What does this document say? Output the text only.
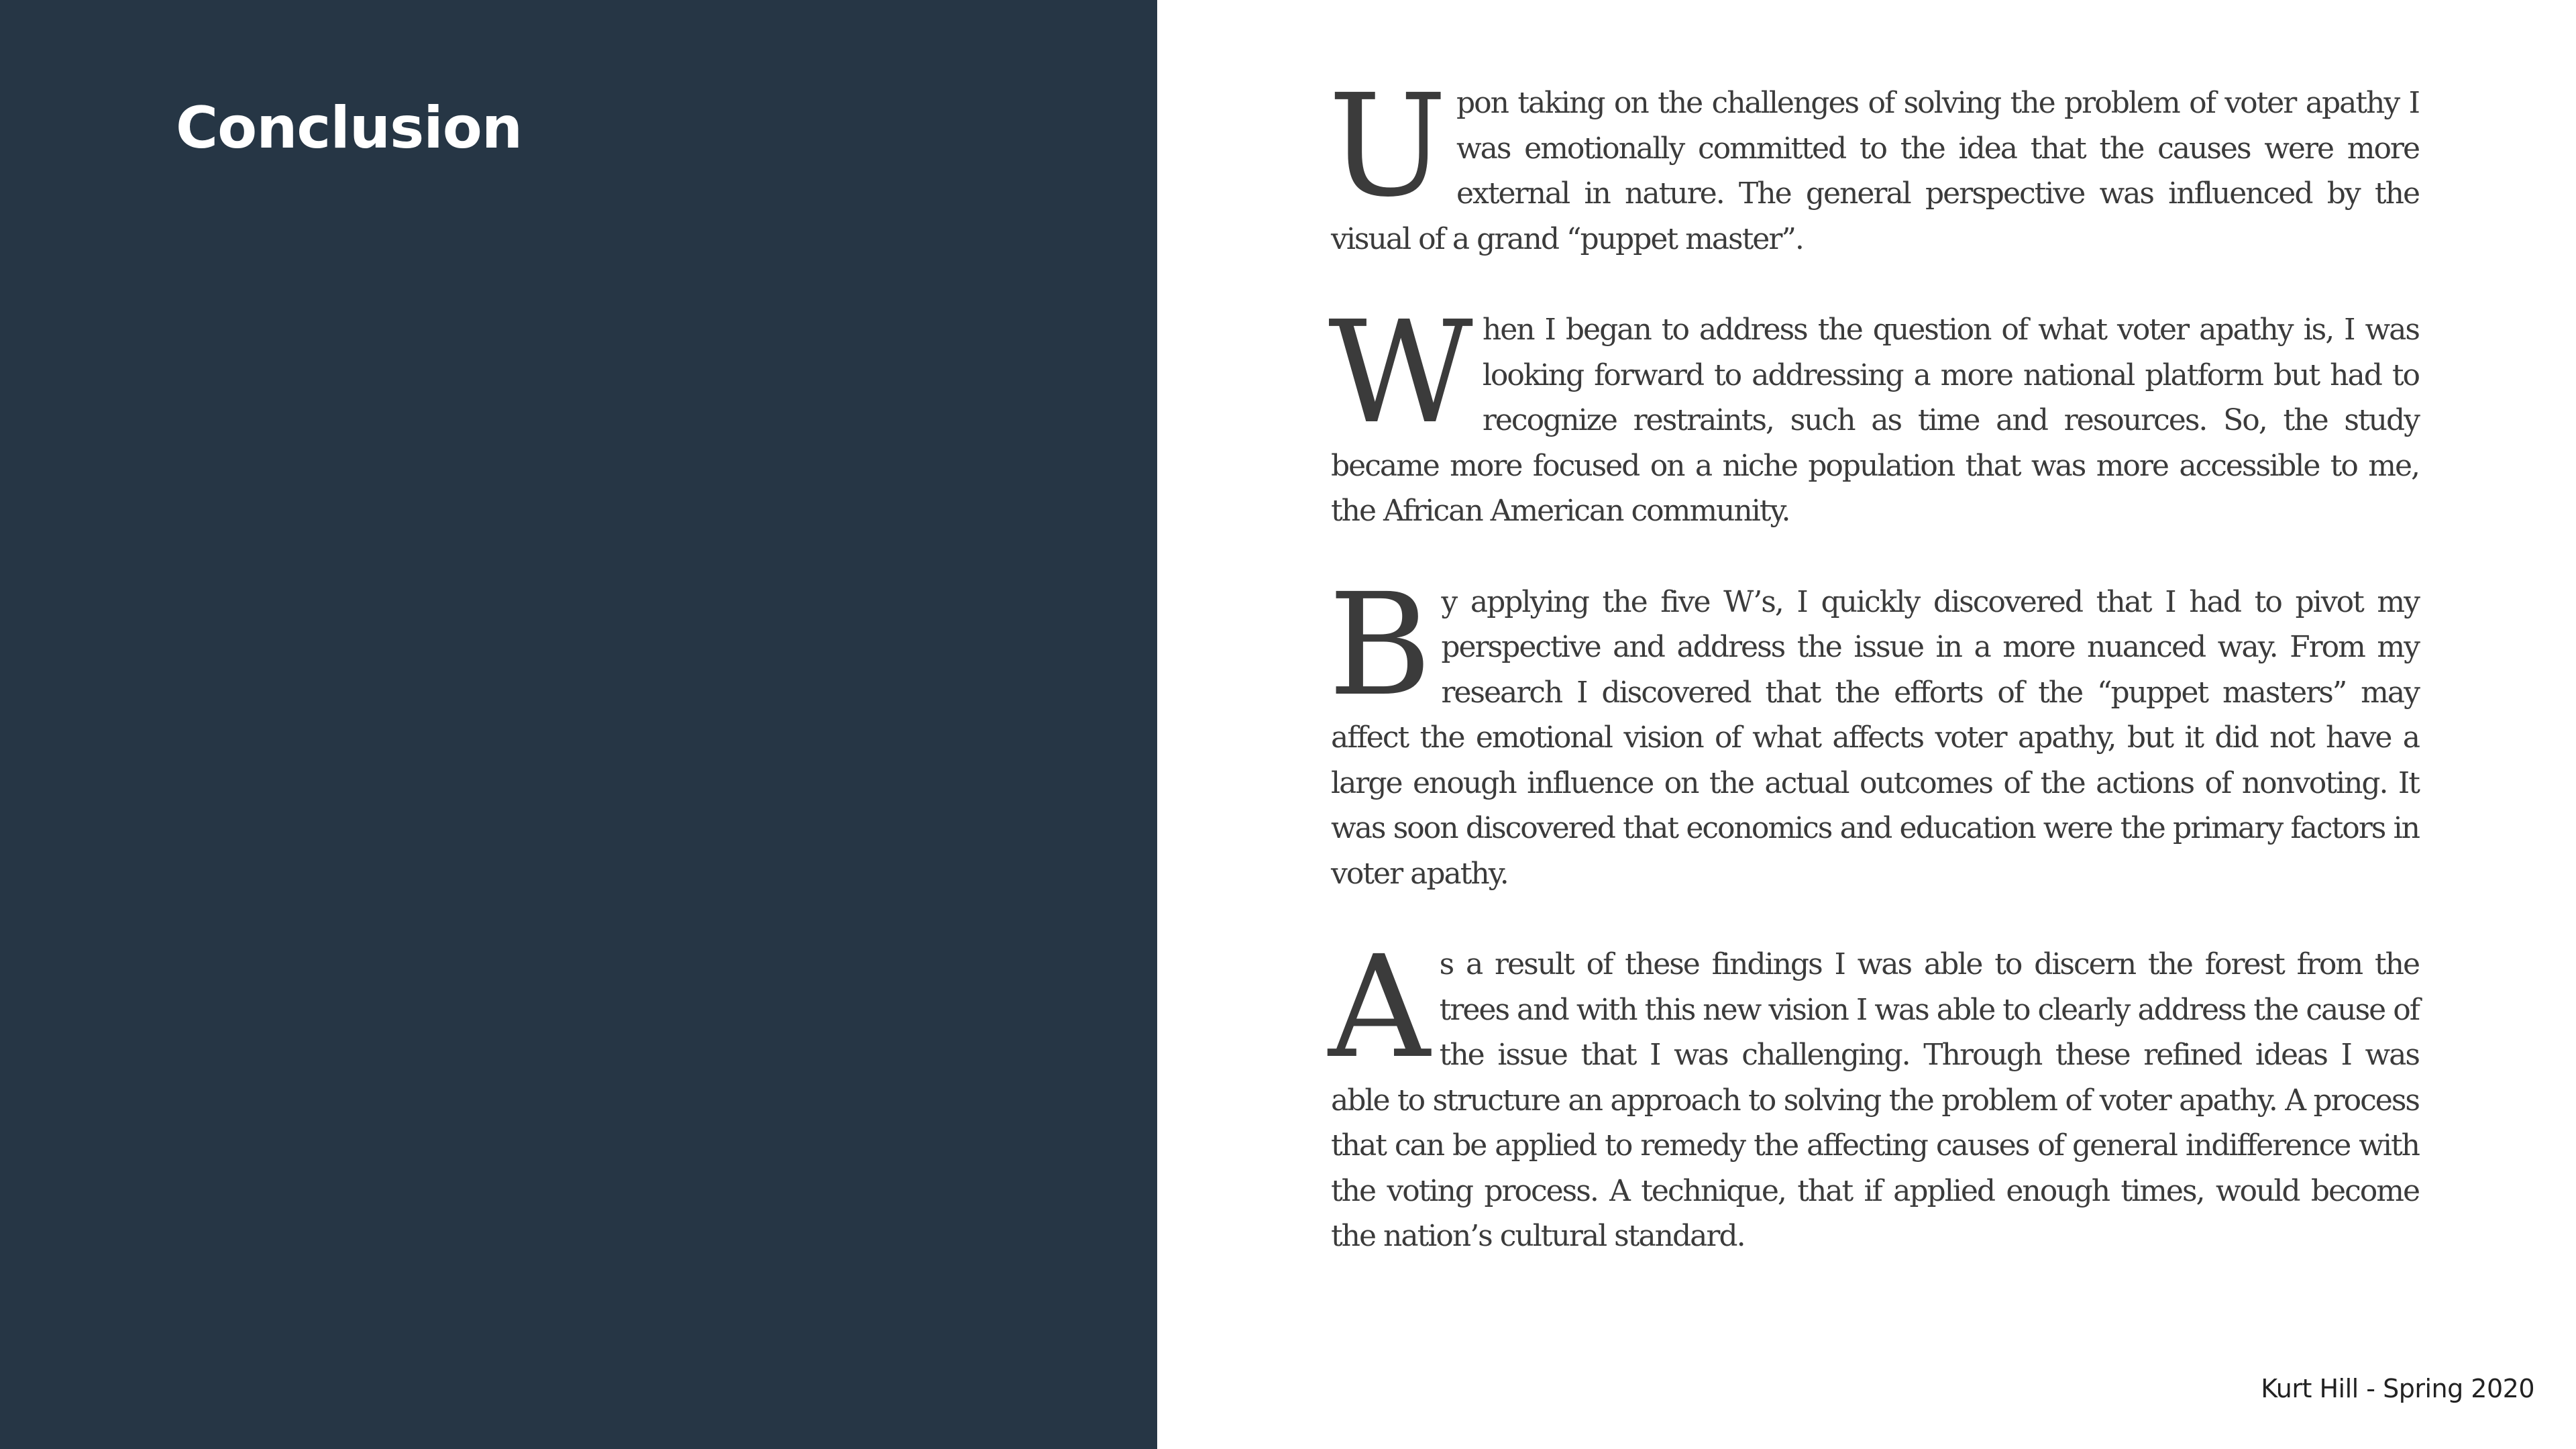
Conclusion	Upon taking on the challenges of solving the problem of voter apathy I was emotionally committed to the idea that the causes were more external in nature. The general perspective was influenced by the visual of a grand “puppet master”.

When I began to address the question of what voter apathy is, I was looking forward to addressing a more national platform but had to recognize restraints, such as time and resources. So, the study became more focused on a niche population that was more accessible to me, the African American community.

By applying the five W’s, I quickly discovered that I had to pivot my perspective and address the issue in a more nuanced way. From my research I discovered that the efforts of the “puppet masters” may affect the emotional vision of what affects voter apathy, but it did not have a large enough influence on the actual outcomes of the actions of nonvoting. It was soon discovered that economics and education were the primary factors in voter apathy.

As a result of these findings I was able to discern the forest from the trees and with this new vision I was able to clearly address the cause of the issue that I was challenging. Through these refined ideas I was able to structure an approach to solving the problem of voter apathy. A process that can be applied to remedy the affecting causes of general indifference with the voting process. A technique, that if applied enough times, would become the nation’s cultural standard.

Kurt Hill - Spring 2020
